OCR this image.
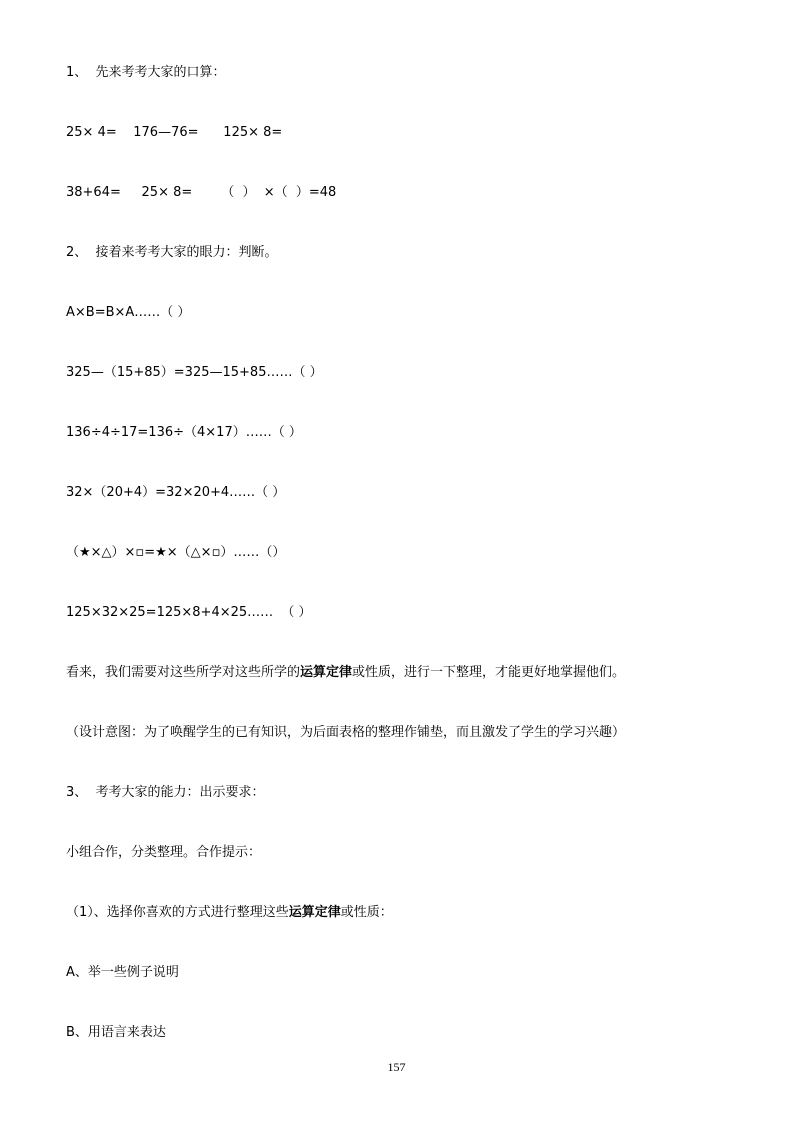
1、  先来考考大家的口算：
25× 4=    176—76=      125× 8=
38+64=     25× 8=       （  ）  ×（  ）=48
2、  接着来考考大家的眼力：判断。
A×B=B×A……（ ）
325—（15+85）=325—15+85……（ ）
136÷4÷17=136÷（4×17）……（ ）
32×（20+4）=32×20+4……（ ）
（★×△）×▫=★×（△×▫）……（）
125×32×25=125×8+4×25……  （ ）
看来，我们需要对这些所学对这些所学的运算定律或性质，进行一下整理，才能更好地掌握他们。
（设计意图：为了唤醒学生的已有知识，为后面表格的整理作铺垫，而且激发了学生的学习兴趣）
3、  考考大家的能力：出示要求：
小组合作，分类整理。合作提示：
（1）、选择你喜欢的方式进行整理这些运算定律或性质：
A、举一些例子说明
B、用语言来表达
157
